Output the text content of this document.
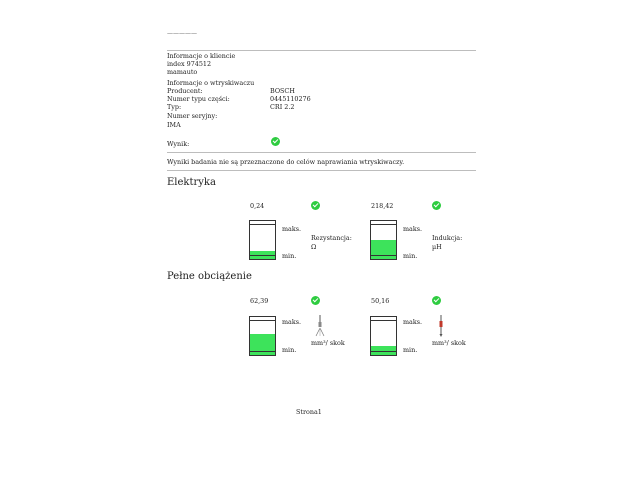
—————
Informacje o kliencie
index 974512
mamauto
Informacje o wtryskiwaczu
Producent:	BOSCH
Numer typu części:	0445110276
Typ:	CRI 2.2
Numer seryjny:
IMA
Wynik:
Wyniki badania nie są przeznaczone do celów naprawiania wtryskiwaczy.
Elektryka
0,24
maks.
min.
Rezystancja:
Ω
218,42
maks.
min.
Indukcja:
µH
Pełne obciążenie
62,39
maks.
min.
mm³/ skok
50,16
maks.
min.
mm³/ skok
Strona1
